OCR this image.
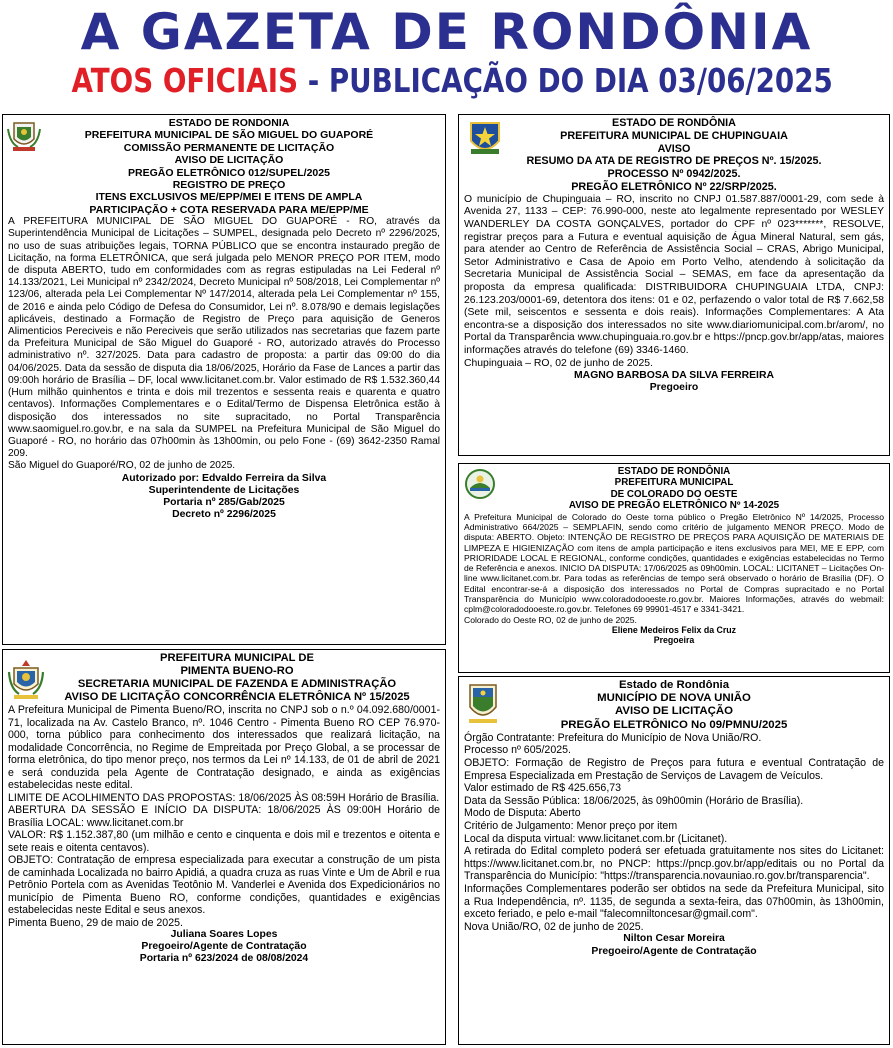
A GAZETA DE RONDÔNIA
ATOS OFICIAIS - PUBLICAÇÃO DO DIA 03/06/2025
ESTADO DE RONDONIA
PREFEITURA MUNICIPAL DE SÃO MIGUEL DO GUAPORÉ
COMISSÃO PERMANENTE DE LICITAÇÃO
AVISO DE LICITAÇÃO
PREGÃO ELETRÔNICO 012/SUPEL/2025
REGISTRO DE PREÇO
ITENS EXCLUSIVOS ME/EPP/MEI E ITENS DE AMPLA
PARTICIPAÇÃO + COTA RESERVADA PARA ME/EPP/ME

A PREFEITURA MUNICIPAL DE SÃO MIGUEL DO GUAPORÉ - RO, através da Superintendência Municipal de Licitações – SUMPEL, designada pelo Decreto nº 2296/2025, no uso de suas atribuições legais, TORNA PÚBLICO que se encontra instaurado pregão de Licitação, na forma ELETRÔNICA, que será julgada pelo MENOR PREÇO POR ITEM, modo de disputa ABERTO, tudo em conformidades com as regras estipuladas na Lei Federal nº 14.133/2021, Lei Municipal nº 2342/2024, Decreto Municipal nº 508/2018, Lei Complementar nº 123/06, alterada pela Lei Complementar Nº 147/2014, alterada pela Lei Complementar nº 155, de 2016 e ainda pelo Código de Defesa do Consumidor, Lei nº. 8.078/90 e demais legislações aplicáveis, destinado a Formação de Registro de Preço para aquisição de Generos Alimenticios Pereciveis e não Pereciveis que serão utilizados nas secretarias que fazem parte da Prefeitura Municipal de São Miguel do Guaporé - RO, autorizado através do Processo administrativo nº. 327/2025. Data para cadastro de proposta: a partir das 09:00 do dia 04/06/2025. Data da sessão de disputa dia 18/06/2025, Horário da Fase de Lances a partir das 09:00h horário de Brasília – DF, local www.licitanet.com.br. Valor estimado de R$ 1.532.360,44 (Hum milhão quinhentos e trinta e dois mil trezentos e sessenta reais e quarenta e quatro centavos). Informações Complementares e o Edital/Termo de Dispensa Eletrônica estão à disposição dos interessados no site supracitado, no Portal Transparência www.saomiguel.ro.gov.br, e na sala da SUMPEL na Prefeitura Municipal de São Miguel do Guaporé - RO, no horário das 07h00min às 13h00min, ou pelo Fone - (69) 3642-2350 Ramal 209.

São Miguel do Guaporé/RO, 02 de junho de 2025.

Autorizado por: Edvaldo Ferreira da Silva
Superintendente de Licitações
Portaria nº 285/Gab/2025
Decreto nº 2296/2025
PREFEITURA MUNICIPAL DE
PIMENTA BUENO-RO
SECRETARIA MUNICIPAL DE FAZENDA E ADMINISTRAÇÃO
AVISO DE LICITAÇÃO CONCORRÊNCIA ELETRÔNICA Nº 15/2025

A Prefeitura Municipal de Pimenta Bueno/RO, inscrita no CNPJ sob o n.º 04.092.680/0001-71, localizada na Av. Castelo Branco, nº. 1046 Centro - Pimenta Bueno RO CEP 76.970-000, torna público para conhecimento dos interessados que realizará licitação, na modalidade Concorrência, no Regime de Empreitada por Preço Global, a se processar de forma eletrônica, do tipo menor preço, nos termos da Lei nº 14.133, de 01 de abril de 2021 e será conduzida pela Agente de Contratação designado, e ainda as exigências estabelecidas neste edital.

LIMITE DE ACOLHIMENTO DAS PROPOSTAS: 18/06/2025 ÀS 08:59H Horário de Brasília.

ABERTURA DA SESSÃO E INÍCIO DA DISPUTA: 18/06/2025 ÀS 09:00H Horário de Brasília LOCAL: www.licitanet.com.br

VALOR: R$ 1.152.387,80 (um milhão e cento e cinquenta e dois mil e trezentos e oitenta e sete reais e oitenta centavos).

OBJETO: Contratação de empresa especializada para executar a construção de um pista de caminhada Localizada no bairro Apidiá, a quadra cruza as ruas Vinte e Um de Abril e rua Petrônio Portela com as Avenidas Teotônio M. Vanderlei e Avenida dos Expedicionários no município de Pimenta Bueno RO, conforme condições, quantidades e exigências estabelecidas neste Edital e seus anexos.

Pimenta Bueno, 29 de maio de 2025.

Juliana Soares Lopes
Pregoeiro/Agente de Contratação
Portaria nº 623/2024 de 08/08/2024
ESTADO DE RONDÔNIA
PREFEITURA MUNICIPAL DE CHUPINGUAIA
AVISO
RESUMO DA ATA DE REGISTRO DE PREÇOS Nº. 15/2025.
PROCESSO Nº 0942/2025.
PREGÃO ELETRÔNICO Nº 22/SRP/2025.

O município de Chupinguaia – RO, inscrito no CNPJ 01.587.887/0001-29, com sede à Avenida 27, 1133 – CEP: 76.990-000, neste ato legalmente representado por WESLEY WANDERLEY DA COSTA GONÇALVES, portador do CPF nº 023*******, RESOLVE, registrar preços para a Futura e eventual aquisição de Água Mineral Natural, sem gás, para atender ao Centro de Referência de Assistência Social – CRAS, Abrigo Municipal, Setor Administrativo e Casa de Apoio em Porto Velho, atendendo à solicitação da Secretaria Municipal de Assistência Social – SEMAS, em face da apresentação da proposta da empresa qualificada: DISTRIBUIDORA CHUPINGUAIA LTDA, CNPJ: 26.123.203/0001-69, detentora dos itens: 01 e 02, perfazendo o valor total de R$ 7.662,58 (Sete mil, seiscentos e sessenta e dois reais). Informações Complementares: A Ata encontra-se a disposição dos interessados no site www.diariomunicipal.com.br/arom/, no Portal da Transparência www.chupinguaia.ro.gov.br e https://pncp.gov.br/app/atas, maiores informações através do telefone (69) 3346-1460.

Chupinguaia – RO, 02 de junho de 2025.

MAGNO BARBOSA DA SILVA FERREIRA
Pregoeiro
ESTADO DE RONDÔNIA
PREFEITURA MUNICIPAL
DE COLORADO DO OESTE
AVISO DE PREGÃO ELETRÔNICO Nº 14-2025

A Prefeitura Municipal de Colorado do Oeste torna público o Pregão Eletrônico Nº 14/2025, Processo Administrativo 664/2025 – SEMPLAFIN, sendo como critério de julgamento MENOR PREÇO. Modo de disputa: ABERTO. Objeto: INTENÇÃO DE REGISTRO DE PREÇOS PARA AQUISIÇÃO DE MATERIAIS DE LIMPEZA E HIGIENIZAÇÃO com itens de ampla participação e itens exclusivos para MEI, ME E EPP, com PRIORIDADE LOCAL E REGIONAL, conforme condições, quantidades e exigências estabelecidas no Termo de Referência e anexos. INICIO DA DISPUTA: 17/06/2025 as 09h00min. LOCAL: LICITANET – Licitações On-line www.licitanet.com.br. Para todas as referências de tempo será observado o horário de Brasília (DF). O Edital encontrar-se-á a disposição dos interessados no Portal de Compras supracitado e no Portal Transparência do Município www.coloradodooeste.ro.gov.br. Maiores Informações, através do webmail: cplm@coloradodooeste.ro.gov.br. Telefones 69 99901-4517 e 3341-3421.

Colorado do Oeste RO, 02 de junho de 2025.

Eliene Medeiros Felix da Cruz
Pregoeira
Estado de Rondônia
MUNICÍPIO DE NOVA UNIÃO
AVISO DE LICITAÇÃO
PREGÃO ELETRÔNICO No 09/PMNU/2025

Órgão Contratante: Prefeitura do Município de Nova União/RO.

Processo nº 605/2025.

OBJETO: Formação de Registro de Preços para futura e eventual Contratação de Empresa Especializada em Prestação de Serviços de Lavagem de Veículos.

Valor estimado de R$ 425.656,73

Data da Sessão Pública: 18/06/2025, às 09h00min (Horário de Brasília).

Modo de Disputa: Aberto

Critério de Julgamento: Menor preço por item

Local da disputa virtual: www.licitanet.com.br (Licitanet).

A retirada do Edital completo poderá ser efetuada gratuitamente nos sites do Licitanet: https://www.licitanet.com.br, no PNCP: https://pncp.gov.br/app/editais ou no Portal da Transparência do Município: "https://transparencia.novauniao.ro.gov.br/transparencia".

Informações Complementares poderão ser obtidos na sede da Prefeitura Municipal, sito a Rua Independência, nº. 1135, de segunda a sexta-feira, das 07h00min, às 13h00min, exceto feriado, e pelo e-mail "falecomniltoncesar@gmail.com".

Nova União/RO, 02 de junho de 2025.

Nilton Cesar Moreira
Pregoeiro/Agente de Contratação
